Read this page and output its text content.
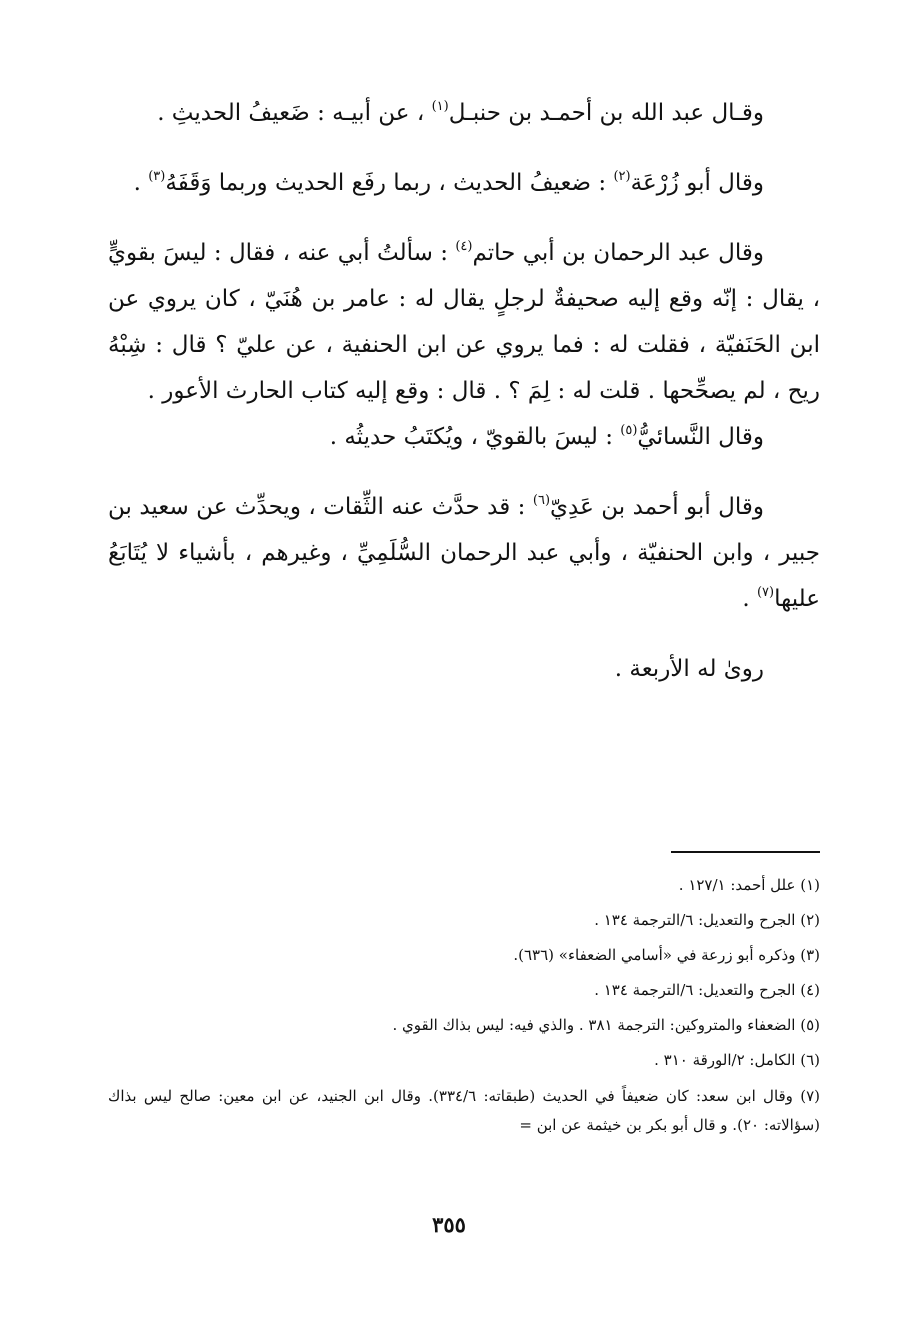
وقـال عبد الله بن أحمـد بن حنبـل$^{(١)}$ ، عن أبيـه : ضَعيفُ الحديثِ .

وقال أبو زُرْعَة$^{(٢)}$ : ضعيفُ الحديث ، ربما رفَع الحديث وربما وَقَفَهُ$^{(٣)}$ .

وقال عبد الرحمان بن أبي حاتم$^{(٤)}$ : سألتُ أبي عنه ، فقال : ليسَ بقويٍّ ، يقال : إنّه وقع إليه صحيفةٌ لرجلٍ يقال له : عامر بن هُنَيّ ، كان يروي عن ابن الحَنَفيّة ، فقلت له : فما يروي عن ابن الحنفية ، عن عليّ ؟ قال : شِبْهُ ريح ، لم يصحِّحها . قلت له : لِمَ ؟ . قال : وقع إليه كتاب الحارث الأعور .

وقال النَّسائيُّ$^{(٥)}$ : ليسَ بالقويّ ، ويُكتَبُ حديثُه .

وقال أبو أحمد بن عَدِيّ$^{(٦)}$ : قد حدَّث عنه الثِّقات ، ويحدِّث عن سعيد بن جبير ، وابن الحنفيّة ، وأبي عبد الرحمان السُّلَمِيِّ ، وغيرهم ، بأشياء لا يُتَابَعُ عليها$^{(٧)}$ .

روىٰ له الأربعة .

(١) علل أحمد: ١٢٧/١ .

(٢) الجرح والتعديل: ٦/الترجمة ١٣٤ .

(٣) وذكره أبو زرعة في «أسامي الضعفاء» (٦٣٦).

(٤) الجرح والتعديل: ٦/الترجمة ١٣٤ .

(٥) الضعفاء والمتروكين: الترجمة ٣٨١ . والذي فيه: ليس بذاك القوي .

(٦) الكامل: ٢/الورقة ٣١٠ .

(٧) وقال ابن سعد: كان ضعيفاً في الحديث (طبقاته: ٣٣٤/٦). وقال ابن الجنيد، عن ابن معين: صالح ليس بذاك (سؤالاته: ٢٠). و قال أبو بكر بن خيثمة عن ابن =

٣٥٥
